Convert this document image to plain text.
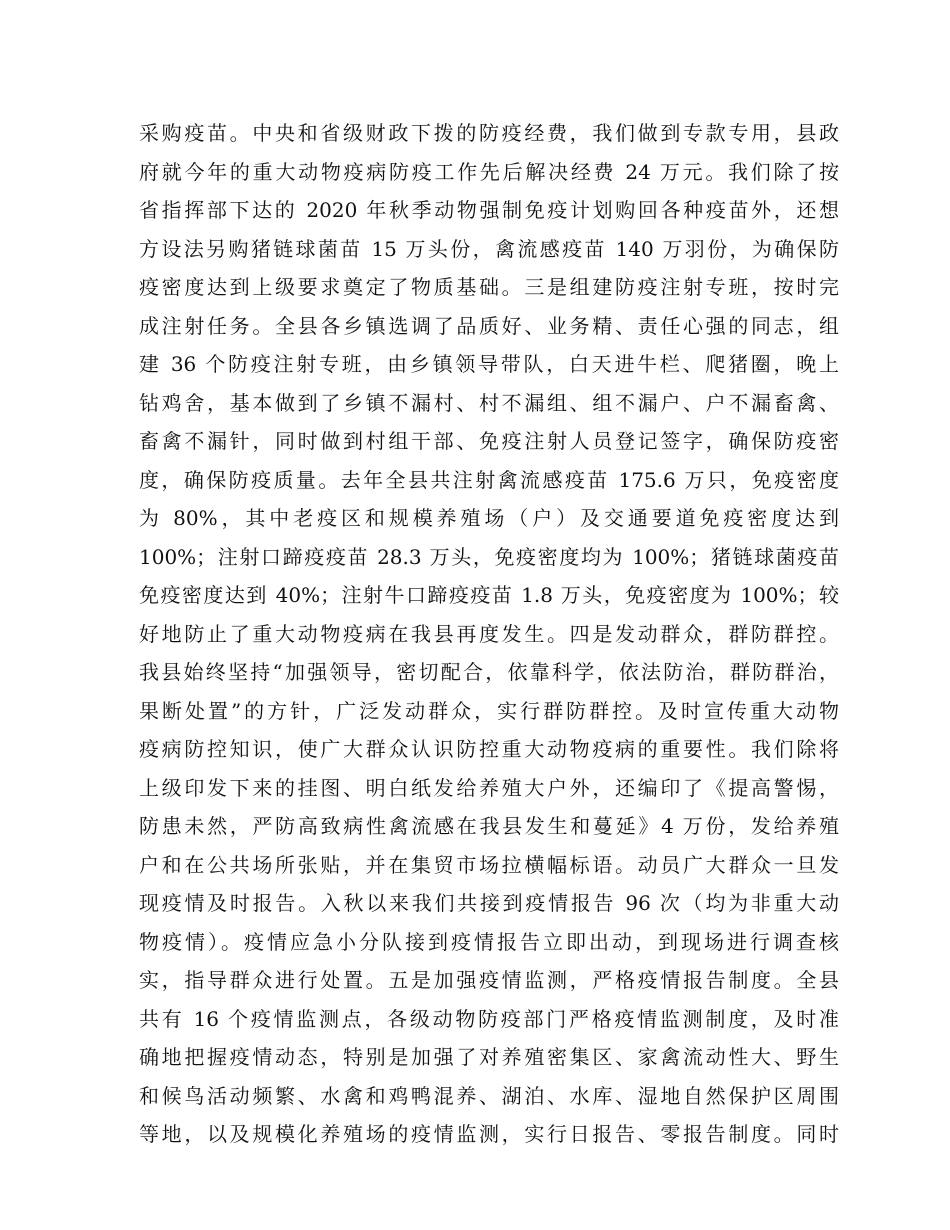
采购疫苗。中央和省级财政下拨的防疫经费，我们做到专款专用，县政
府就今年的重大动物疫病防疫工作先后解决经费 24 万元。我们除了按
省指挥部下达的 2020 年秋季动物强制免疫计划购回各种疫苗外，还想
方设法另购猪链球菌苗 15 万头份，禽流感疫苗 140 万羽份，为确保防
疫密度达到上级要求奠定了物质基础。三是组建防疫注射专班，按时完
成注射任务。全县各乡镇选调了品质好、业务精、责任心强的同志，组
建 36 个防疫注射专班，由乡镇领导带队，白天进牛栏、爬猪圈，晚上
钻鸡舍，基本做到了乡镇不漏村、村不漏组、组不漏户、户不漏畜禽、
畜禽不漏针，同时做到村组干部、免疫注射人员登记签字，确保防疫密
度，确保防疫质量。去年全县共注射禽流感疫苗 175.6 万只，免疫密度
为 80%，其中老疫区和规模养殖场（户）及交通要道免疫密度达到
100%；注射口蹄疫疫苗 28.3 万头，免疫密度均为 100%；猪链球菌疫苗
免疫密度达到 40%；注射牛口蹄疫疫苗 1.8 万头，免疫密度为 100%；较
好地防止了重大动物疫病在我县再度发生。四是发动群众，群防群控。
我县始终坚持“加强领导，密切配合，依靠科学，依法防治，群防群治，
果断处置”的方针，广泛发动群众，实行群防群控。及时宣传重大动物
疫病防控知识，使广大群众认识防控重大动物疫病的重要性。我们除将
上级印发下来的挂图、明白纸发给养殖大户外，还编印了《提高警惕，
防患未然，严防高致病性禽流感在我县发生和蔓延》4 万份，发给养殖
户和在公共场所张贴，并在集贸市场拉横幅标语。动员广大群众一旦发
现疫情及时报告。入秋以来我们共接到疫情报告 96 次（均为非重大动
物疫情）。疫情应急小分队接到疫情报告立即出动，到现场进行调查核
实，指导群众进行处置。五是加强疫情监测，严格疫情报告制度。全县
共有 16 个疫情监测点，各级动物防疫部门严格疫情监测制度，及时准
确地把握疫情动态，特别是加强了对养殖密集区、家禽流动性大、野生
和候鸟活动频繁、水禽和鸡鸭混养、湖泊、水库、湿地自然保护区周围
等地，以及规模化养殖场的疫情监测，实行日报告、零报告制度。同时
